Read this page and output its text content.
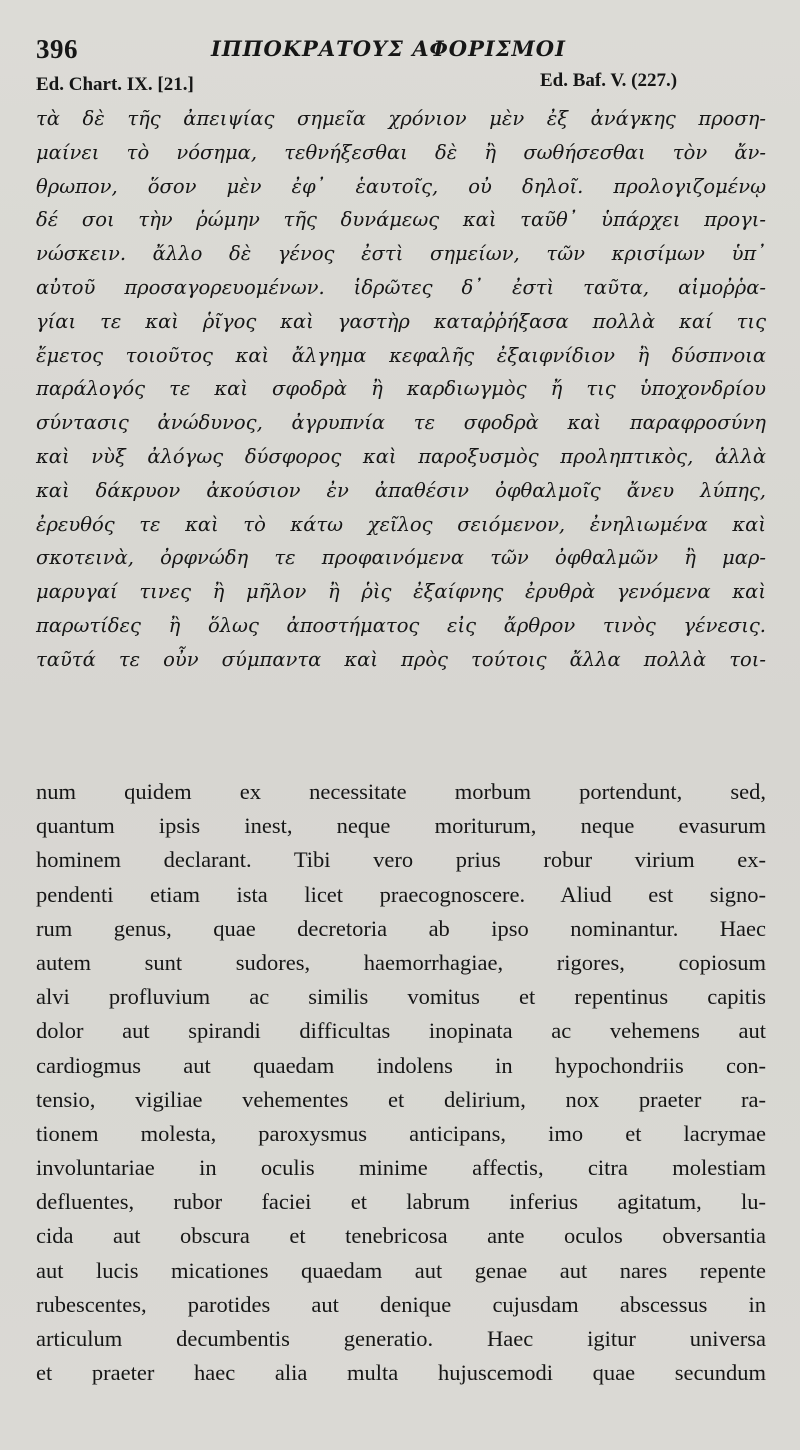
396	ΙΠΠΟΚΡΑΤΟΥΣ ΑΦΟΡΙΣΜΟΙ
Ed. Chart. IX. [21.]	Ed. Baf. V. (227.)
τὰ δὲ τῆς ἀπειψίας σημεῖα χρόνιον μὲν ἐξ ἀνάγκης προση-
μαίνει τὸ νόσημα, τεθνήξεσθαι δὲ ἢ σωθήσεσθαι τὸν ἄν-
θρωπον, ὅσον μὲν ἐφ᾽ ἑαυτοῖς, οὐ δηλοῖ. προλογιζομένῳ
δέ σοι τὴν ῥώμην τῆς δυνάμεως καὶ ταῦθ᾽ ὑπάρχει προγι-
νώσκειν. ἄλλο δὲ γένος ἐστὶ σημείων, τῶν κρισίμων ὑπ᾽
αὐτοῦ προσαγορευομένων. ἱδρῶτες δ᾽ ἐστὶ ταῦτα, αἱμοῤῥα-
γίαι τε καὶ ῥῖγος καὶ γαστὴρ καταῤῥήξασα πολλὰ καί τις
ἔμετος τοιοῦτος καὶ ἄλγημα κεφαλῆς ἐξαιφνίδιον ἢ δύσπνοια
παράλογός τε καὶ σφοδρὰ ἢ καρδιωγμὸς ἤ τις ὑποχονδρίου
σύντασις ἀνώδυνος, ἀγρυπνία τε σφοδρὰ καὶ παραφροσύνη
καὶ νὺξ ἀλόγως δύσφορος καὶ παροξυσμὸς προληπτικὸς, ἀλλὰ
καὶ δάκρυον ἀκούσιον ἐν ἀπαθέσιν ὀφθαλμοῖς ἄνευ λύπης,
ἐρευθός τε καὶ τὸ κάτω χεῖλος σειόμενον, ἐνηλιωμένα καὶ
σκοτεινὰ, ὀρφνώδη τε προφαινόμενα τῶν ὀφθαλμῶν ἢ μαρ-
μαρυγαί τινες ἢ μῆλον ἢ ῥὶς ἐξαίφνης ἐρυθρὰ γενόμενα καὶ
παρωτίδες ἢ ὅλως ἀποστήματος εἰς ἄρθρον τινὸς γένεσις.
ταῦτά τε οὖν σύμπαντα καὶ πρὸς τούτοις ἄλλα πολλὰ τοι-
num quidem ex necessitate morbum portendunt, sed,
quantum ipsis inest, neque moriturum, neque evasurum
hominem declarant. Tibi vero prius robur virium ex-
pendenti etiam ista licet praecognoscere. Aliud est signo-
rum genus, quae decretoria ab ipso nominantur. Haec
autem sunt sudores, haemorrhagiae, rigores, copiosum
alvi profluvium ac similis vomitus et repentinus capitis
dolor aut spirandi difficultas inopinata ac vehemens aut
cardiogmus aut quaedam indolens in hypochondriis con-
tensio, vigiliae vehementes et delirium, nox praeter ra-
tionem molesta, paroxysmus anticipans, imo et lacrymae
involuntariae in oculis minime affectis, citra molestiam
defluentes, rubor faciei et labrum inferius agitatum, lu-
cida aut obscura et tenebricosa ante oculos obversantia
aut lucis micationes quaedam aut genae aut nares repente
rubescentes, parotides aut denique cujusdam abscessus in
articulum decumbentis generatio. Haec igitur universa
et praeter haec alia multa hujuscemodi quae secundum
